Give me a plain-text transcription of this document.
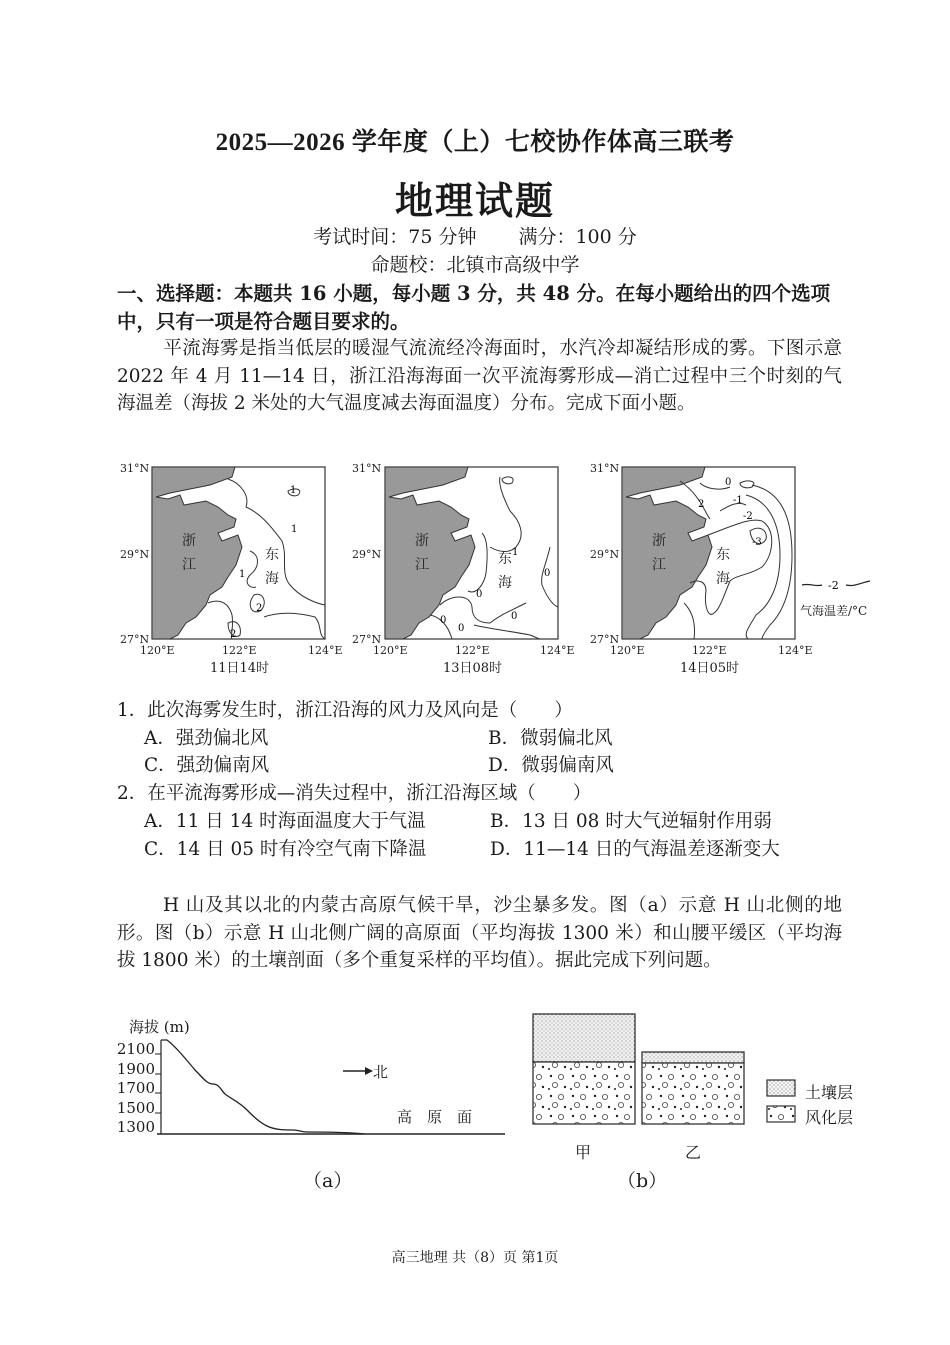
2025—2026 学年度（上）七校协作体高三联考
地理试题
考试时间：75 分钟 满分：100 分
命题校：北镇市高级中学
一、选择题：本题共 16 小题，每小题 3 分，共 48 分。在每小题给出的四个选项中，只有一项是符合题目要求的。
平流海雾是指当低层的暖湿气流流经冷海面时，水汽冷却凝结形成的雾。下图示意 2022 年 4 月 11—14 日，浙江沿海海面一次平流海雾形成—消亡过程中三个时刻的气海温差（海拔 2 米处的大气温度减去海面温度）分布。完成下面小题。
31°N
29°N
27°N
120°E	122°E	124°E
浙
江
东
海
1
1
1
2
2
11日14时
31°N
29°N
27°N
120°E	122°E	124°E
浙
江	东
海
1
0
0
0
0
0
13日08时
31°N
29°N
27°N
120°E	122°E	124°E
浙
江
东
海
0
-1
-2
-3
2
14日05时
-2
气海温差/°C
1．此次海雾发生时，浙江沿海的风力及风向是（　　）
A．强劲偏北风	B．微弱偏北风
C．强劲偏南风	D．微弱偏南风
2．在平流海雾形成—消失过程中，浙江沿海区域（　　）
A．11 日 14 时海面温度大于气温	B．13 日 08 时大气逆辐射作用弱
C．14 日 05 时有冷空气南下降温	D．11—14 日的气海温差逐渐变大
H 山及其以北的内蒙古高原气候干旱，沙尘暴多发。图（a）示意 H 山北侧的地形。图（b）示意 H 山北侧广阔的高原面（平均海拔 1300 米）和山腰平缓区（平均海拔 1800 米）的土壤剖面（多个重复采样的平均值）。据此完成下列问题。
海拔 (m)
2100
1900
1700
1500
1300
北
高　原　面
（a）
土壤层
风化层
甲	乙
（b）
高三地理 共（8）页 第1页
